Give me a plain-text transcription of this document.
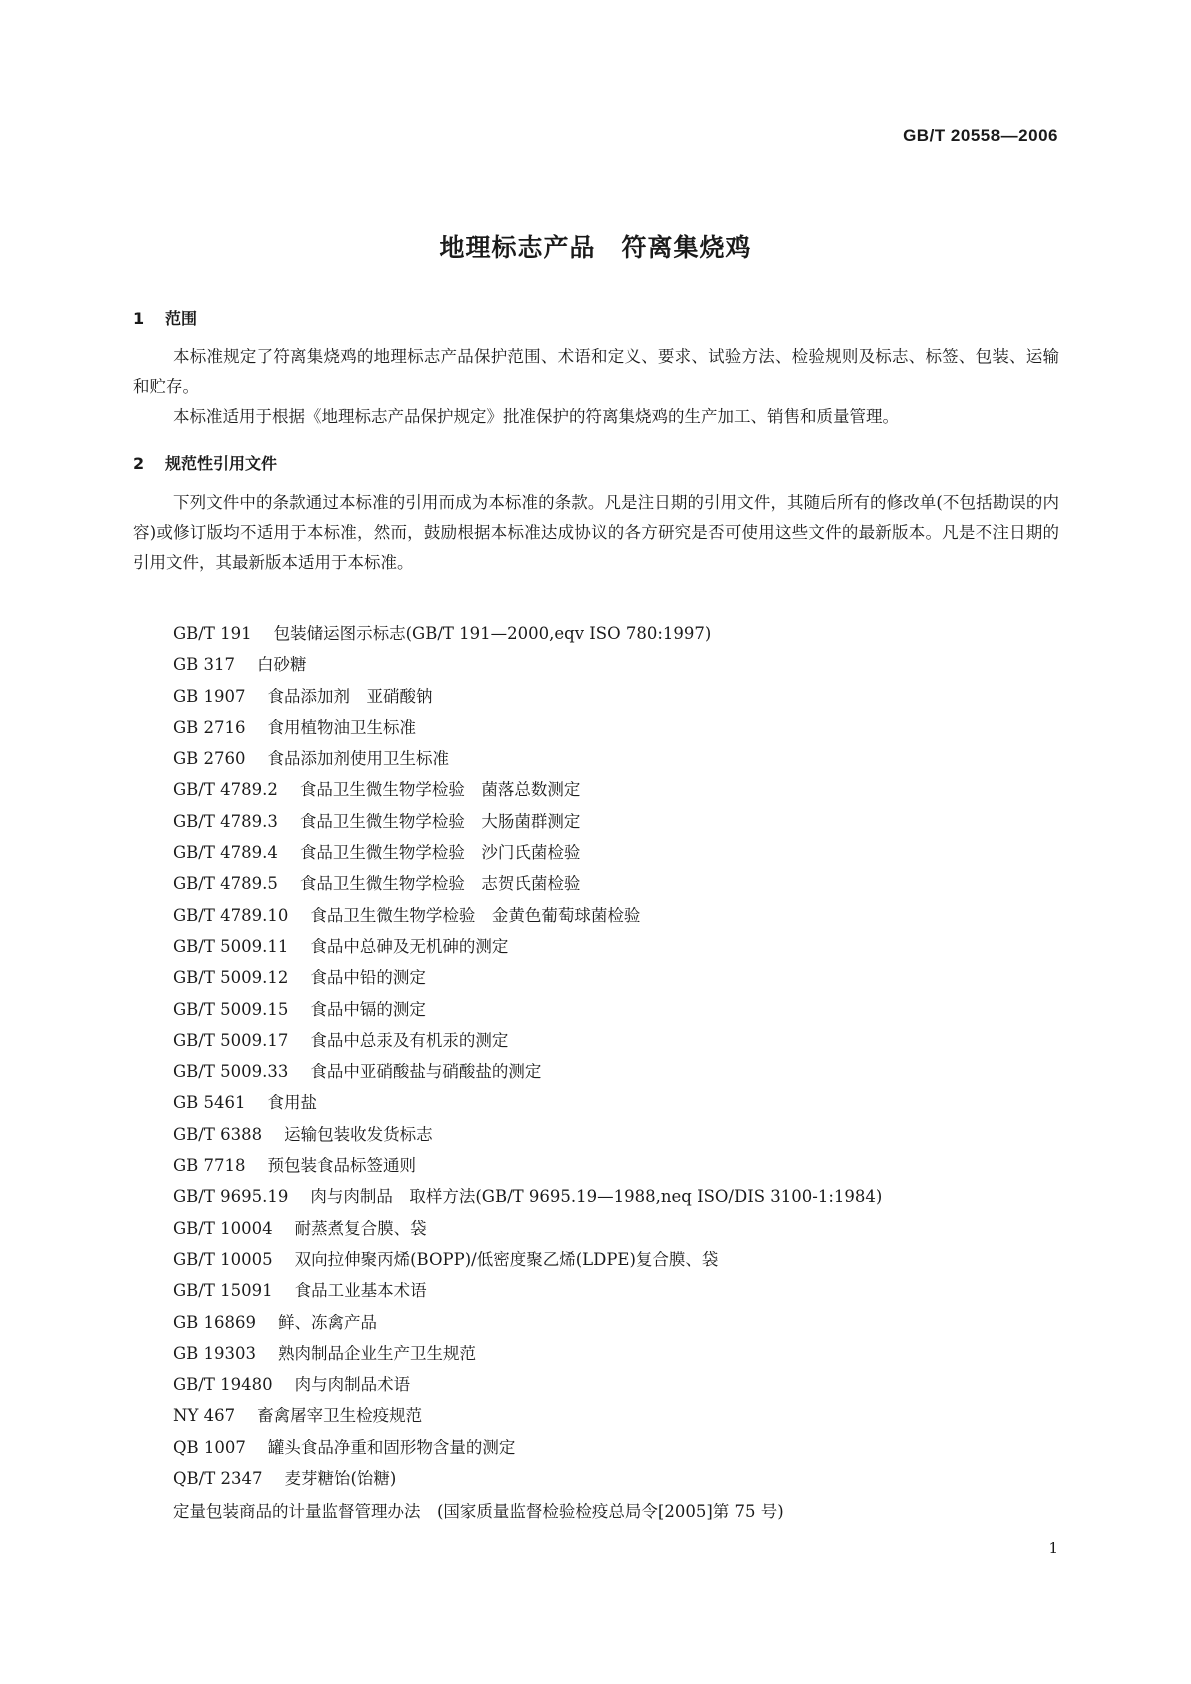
GB/T 20558—2006
地理标志产品　符离集烧鸡
1 范围
本标准规定了符离集烧鸡的地理标志产品保护范围、术语和定义、要求、试验方法、检验规则及标志、标签、包装、运输和贮存。
本标准适用于根据《地理标志产品保护规定》批准保护的符离集烧鸡的生产加工、销售和质量管理。
2 规范性引用文件
下列文件中的条款通过本标准的引用而成为本标准的条款。凡是注日期的引用文件，其随后所有的修改单(不包括勘误的内容)或修订版均不适用于本标准，然而，鼓励根据本标准达成协议的各方研究是否可使用这些文件的最新版本。凡是不注日期的引用文件，其最新版本适用于本标准。
GB/T 191 包装储运图示标志(GB/T 191—2000,eqv ISO 780:1997)
GB 317 白砂糖
GB 1907 食品添加剂　亚硝酸钠
GB 2716 食用植物油卫生标准
GB 2760 食品添加剂使用卫生标准
GB/T 4789.2 食品卫生微生物学检验　菌落总数测定
GB/T 4789.3 食品卫生微生物学检验　大肠菌群测定
GB/T 4789.4 食品卫生微生物学检验　沙门氏菌检验
GB/T 4789.5 食品卫生微生物学检验　志贺氏菌检验
GB/T 4789.10 食品卫生微生物学检验　金黄色葡萄球菌检验
GB/T 5009.11 食品中总砷及无机砷的测定
GB/T 5009.12 食品中铅的测定
GB/T 5009.15 食品中镉的测定
GB/T 5009.17 食品中总汞及有机汞的测定
GB/T 5009.33 食品中亚硝酸盐与硝酸盐的测定
GB 5461 食用盐
GB/T 6388 运输包装收发货标志
GB 7718 预包装食品标签通则
GB/T 9695.19 肉与肉制品　取样方法(GB/T 9695.19—1988,neq ISO/DIS 3100-1:1984)
GB/T 10004 耐蒸煮复合膜、袋
GB/T 10005 双向拉伸聚丙烯(BOPP)/低密度聚乙烯(LDPE)复合膜、袋
GB/T 15091 食品工业基本术语
GB 16869 鲜、冻禽产品
GB 19303 熟肉制品企业生产卫生规范
GB/T 19480 肉与肉制品术语
NY 467 畜禽屠宰卫生检疫规范
QB 1007 罐头食品净重和固形物含量的测定
QB/T 2347 麦芽糖饴(饴糖)
定量包装商品的计量监督管理办法　(国家质量监督检验检疫总局令[2005]第 75 号)
1
